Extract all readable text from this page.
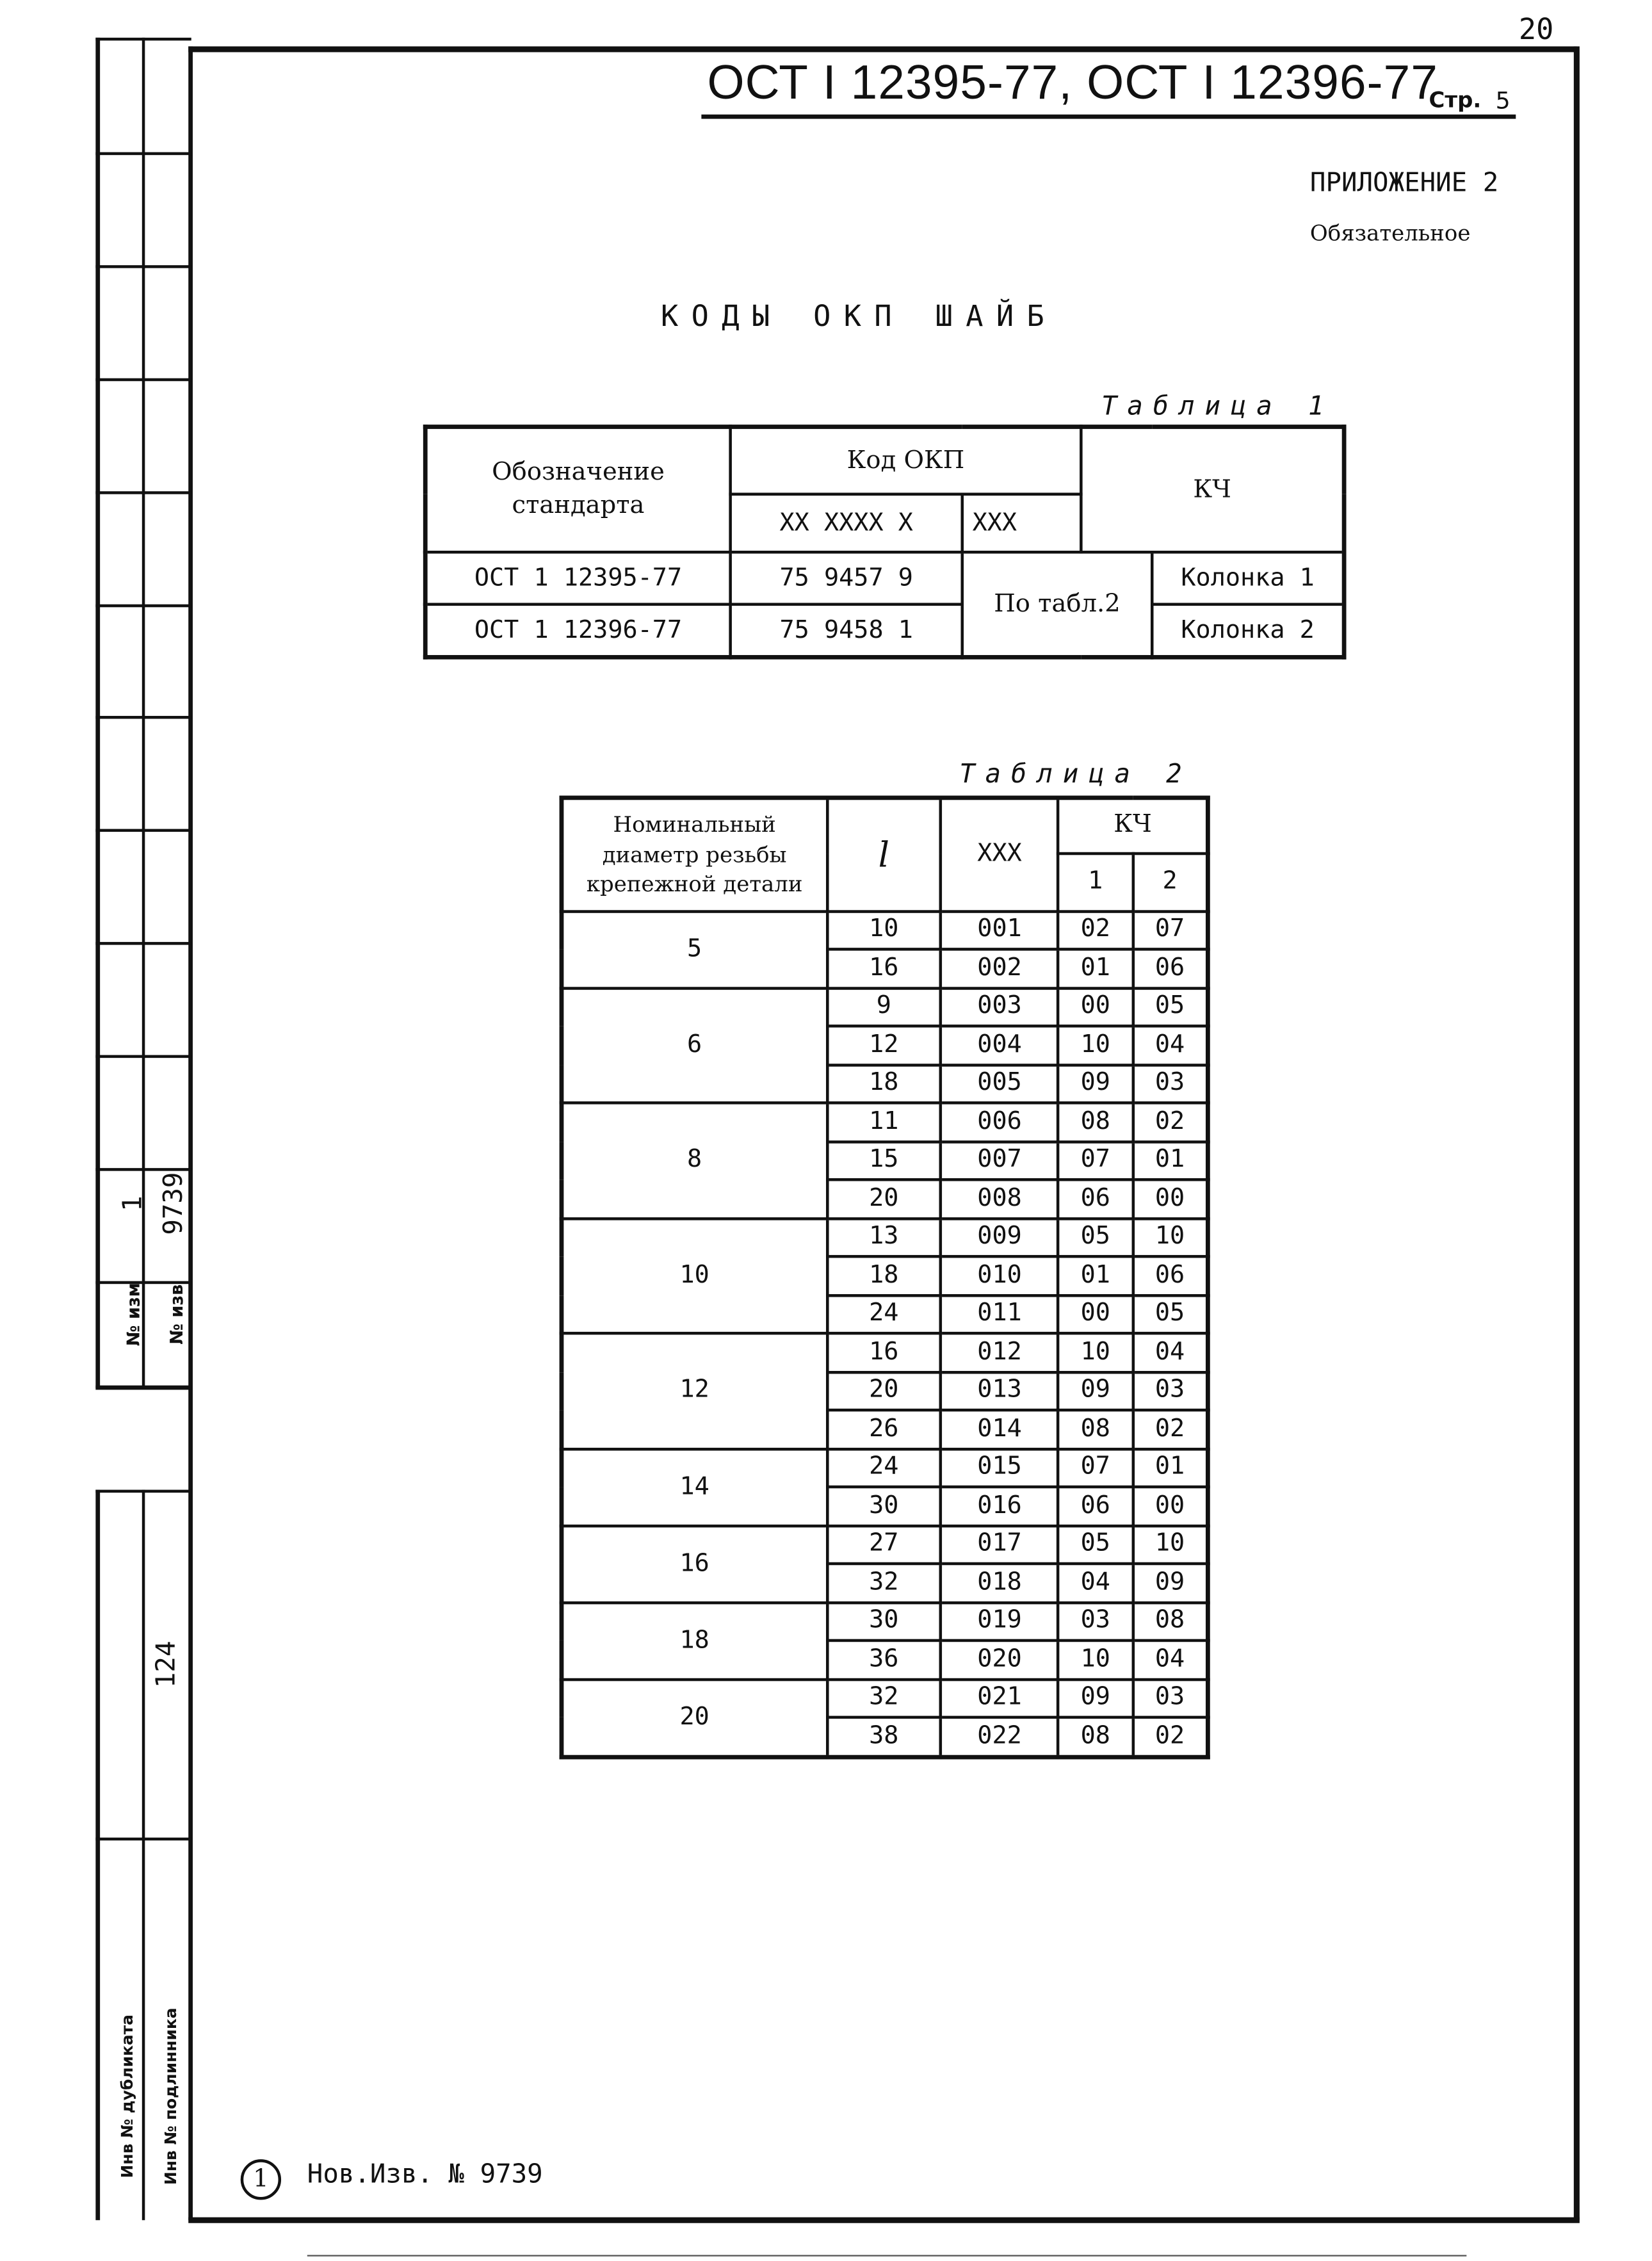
20
1 9739
№ изм	№ изв
124
Инв № дубликата	Инв № подлинника
ОСТ I 12395-77, ОСТ I 12396-77
Стр. 5
ПРИЛОЖЕНИЕ 2
Обязательное
КОДЫ ОКП ШАЙБ
Таблица 1
Обозначение стандарта	Код ОКП		КЧ	
	XX XXXX X	XXX		
ОСТ 1 12395-77	75 9457 9	По табл.2		Колонка 1
ОСТ 1 12396-77	75 9458 1			Колонка 2
Таблица 2
Номинальный диаметр резьбы крепежной детали	l	XXX	КЧ	
			1	2
5	10	001	02	07
	16	002	01	06
6	9	003	00	05
	12	004	10	04
	18	005	09	03
8	11	006	08	02
	15	007	07	01
	20	008	06	00
10	13	009	05	10
	18	010	01	06
	24	011	00	05
12	16	012	10	04
	20	013	09	03
	26	014	08	02
14	24	015	07	01
	30	016	06	00
16	27	017	05	10
	32	018	04	09
18	30	019	03	08
	36	020	10	04
20	32	021	09	03
	38	022	08	02
1	Нов.Изв. № 9739
